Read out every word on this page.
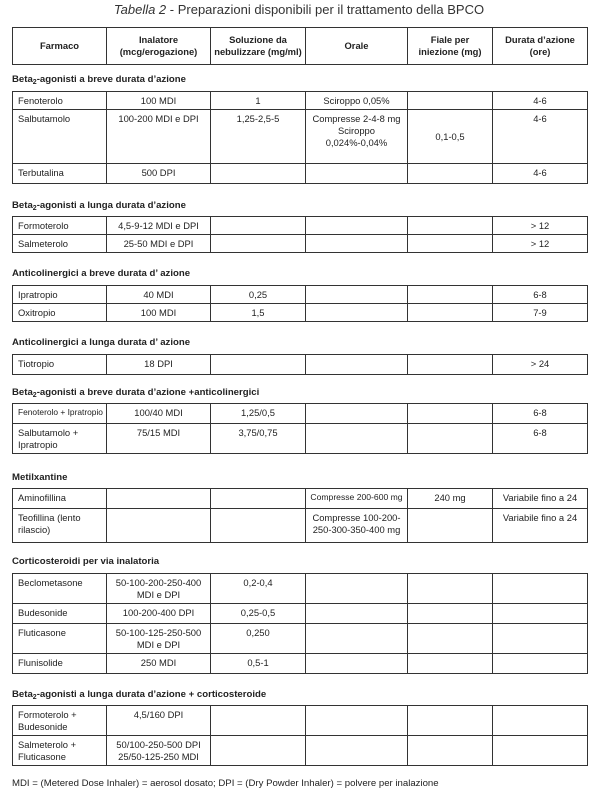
Tabella 2 - Preparazioni disponibili per il trattamento della BPCO
Farmaco	Inalatore (mcg/erogazione)	Soluzione da nebulizzare (mg/ml)	Orale	Fiale per iniezione (mg)	Durata d’azione (ore)
Beta$_2$-agonisti a breve durata d’azione
Fenoterolo	100 MDI	1	Sciroppo 0,05%		4-6
Salbutamolo	100-200 MDI e DPI	1,25-2,5-5	Compresse 2-4-8 mg Sciroppo 0,024%-0,04%	0,1-0,5	4-6
Terbutalina	500 DPI				4-6
Beta$_2$-agonisti a lunga durata d’azione
Formoterolo	4,5-9-12 MDI e DPI				> 12
Salmeterolo	25-50 MDI e DPI				> 12
Anticolinergici a breve durata d’ azione
Ipratropio	40 MDI	0,25			6-8
Oxitropio	100 MDI	1,5			7-9
Anticolinergici a lunga durata d’ azione
Tiotropio	18 DPI				> 24
Beta$_2$-agonisti a breve durata d’azione +anticolinergici
Fenoterolo + Ipratropio	100/40 MDI	1,25/0,5			6-8
Salbutamolo + Ipratropio	75/15 MDI	3,75/0,75			6-8
Metilxantine
Aminofillina			Compresse 200-600 mg	240 mg	Variabile fino a 24
Teofillina (lento rilascio)			Compresse 100-200-250-300-350-400 mg		Variabile fino a 24
Corticosteroidi per via inalatoria
Beclometasone	50-100-200-250-400 MDI e DPI	0,2-0,4			
Budesonide	100-200-400 DPI	0,25-0,5			
Fluticasone	50-100-125-250-500 MDI e DPI	0,250			
Flunisolide	250 MDI	0,5-1			
Beta$_2$-agonisti a lunga durata d’azione + corticosteroide
Formoterolo + Budesonide	4,5/160 DPI				
Salmeterolo + Fluticasone	50/100-250-500 DPI 25/50-125-250 MDI				
MDI = (Metered Dose Inhaler) = aerosol dosato; DPI = (Dry Powder Inhaler) = polvere per inalazione
